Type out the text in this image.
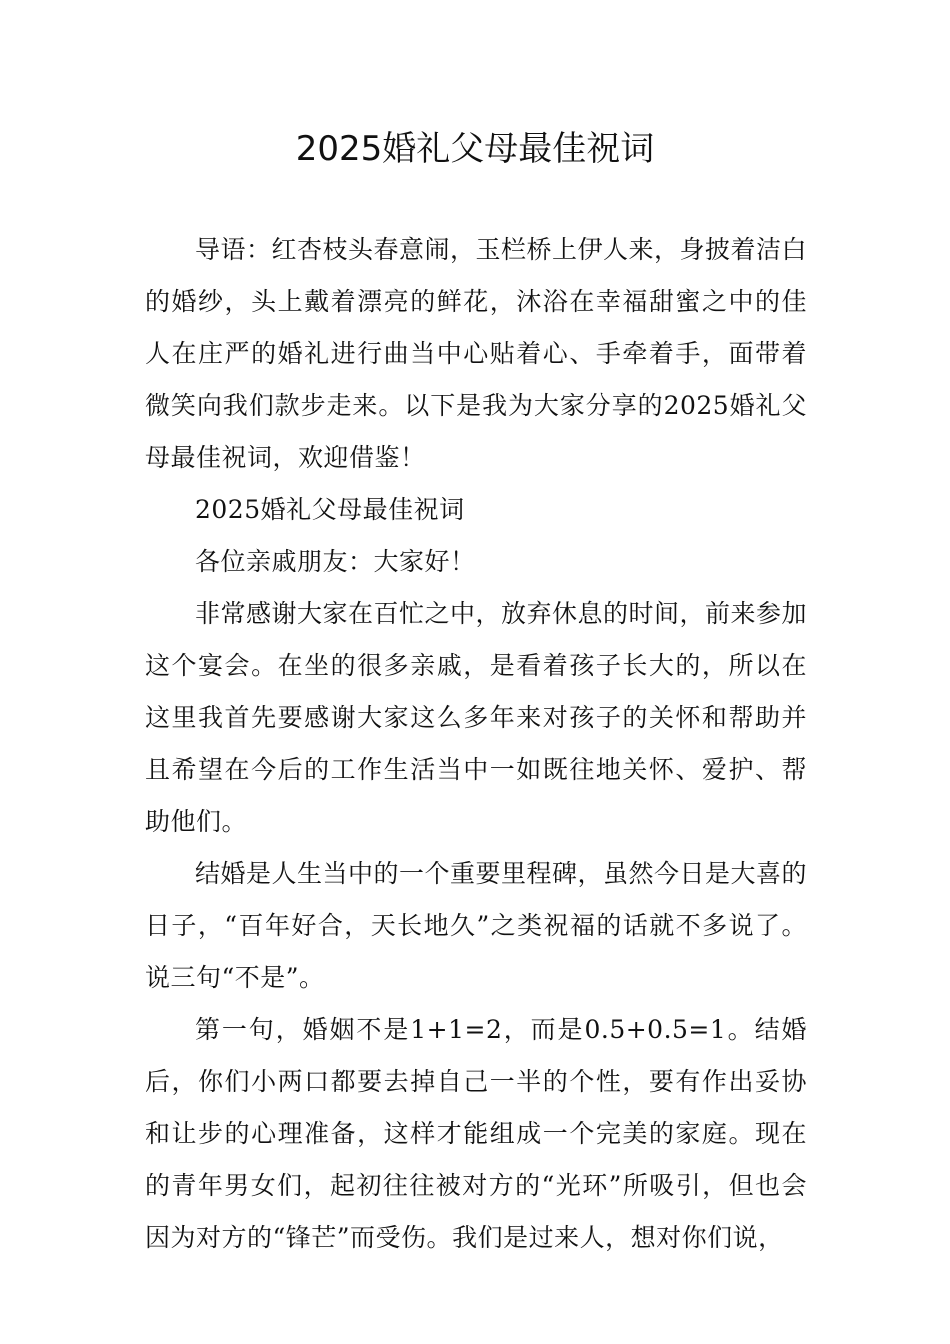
2025婚礼父母最佳祝词

导语：红杏枝头春意闹，玉栏桥上伊人来，身披着洁白的婚纱，头上戴着漂亮的鲜花，沐浴在幸福甜蜜之中的佳人在庄严的婚礼进行曲当中心贴着心、手牵着手，面带着微笑向我们款步走来。以下是我为大家分享的2025婚礼父母最佳祝词，欢迎借鉴！

2025婚礼父母最佳祝词

各位亲戚朋友：大家好！

非常感谢大家在百忙之中，放弃休息的时间，前来参加这个宴会。在坐的很多亲戚，是看着孩子长大的，所以在这里我首先要感谢大家这么多年来对孩子的关怀和帮助并且希望在今后的工作生活当中一如既往地关怀、爱护、帮助他们。

结婚是人生当中的一个重要里程碑，虽然今日是大喜的日子，“百年好合，天长地久”之类祝福的话就不多说了。说三句“不是”。

第一句，婚姻不是1+1=2，而是0.5+0.5=1。结婚后，你们小两口都要去掉自己一半的个性，要有作出妥协和让步的心理准备，这样才能组成一个完美的家庭。现在的青年男女们，起初往往被对方的“光环”所吸引，但也会因为对方的“锋芒”而受伤。我们是过来人，想对你们说，
